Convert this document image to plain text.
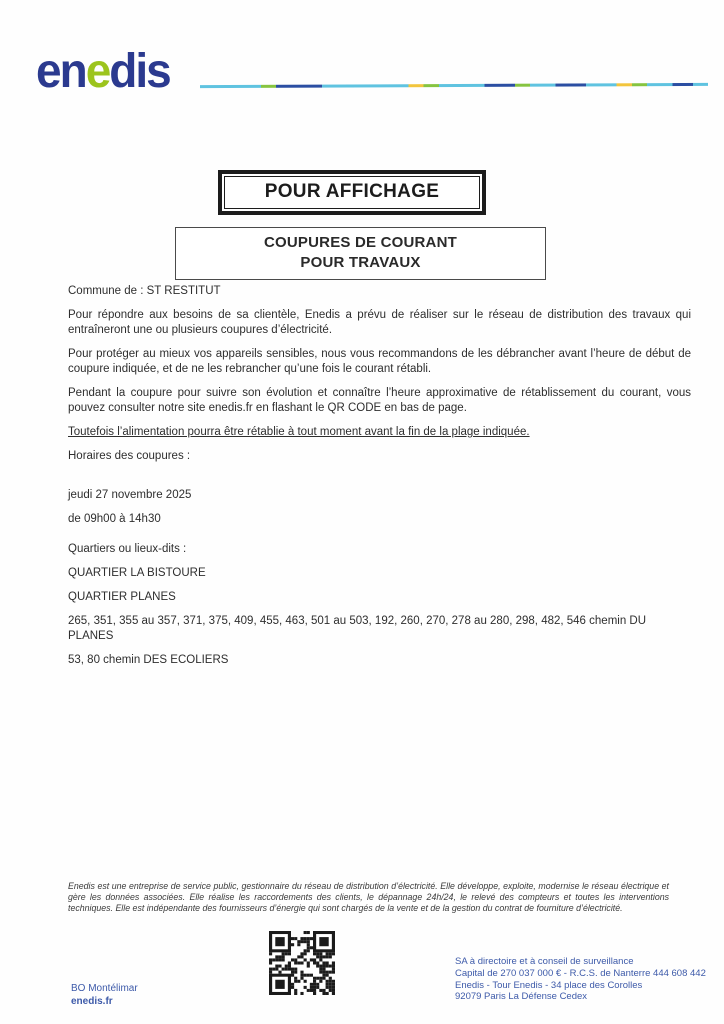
enedis
POUR AFFICHAGE
COUPURES DE COURANT
POUR TRAVAUX

Commune de : ST RESTITUT

Pour répondre aux besoins de sa clientèle, Enedis a prévu de réaliser sur le réseau de distribution des travaux qui entraîneront une ou plusieurs coupures d’électricité.

Pour protéger au mieux vos appareils sensibles, nous vous recommandons de les débrancher avant l’heure de début de coupure indiquée, et de ne les rebrancher qu’une fois le courant rétabli.

Pendant la coupure pour suivre son évolution et connaître l’heure approximative de rétablissement du courant, vous pouvez consulter notre site enedis.fr en flashant le QR CODE en bas de page.

Toutefois l’alimentation pourra être rétablie à tout moment avant la fin de la plage indiquée.

Horaires des coupures :

jeudi 27 novembre 2025

de 09h00 à 14h30

Quartiers ou lieux-dits :

QUARTIER LA BISTOURE

QUARTIER PLANES

265, 351, 355 au 357, 371, 375, 409, 455, 463, 501 au 503, 192, 260, 270, 278 au 280, 298, 482, 546 chemin DU PLANES

53, 80 chemin DES ECOLIERS

Enedis est une entreprise de service public, gestionnaire du réseau de distribution d’électricité. Elle développe, exploite, modernise le réseau électrique et gère les données associées. Elle réalise les raccordements des clients, le dépannage 24h/24, le relevé des compteurs et toutes les interventions techniques. Elle est indépendante des fournisseurs d’énergie qui sont chargés de la vente et de la gestion du contrat de fourniture d’électricité.
BO Montélimar
enedis.fr
SA à directoire et à conseil de surveillance
Capital de 270 037 000 € - R.C.S. de Nanterre 444 608 442
Enedis - Tour Enedis - 34 place des Corolles
92079 Paris La Défense Cedex
